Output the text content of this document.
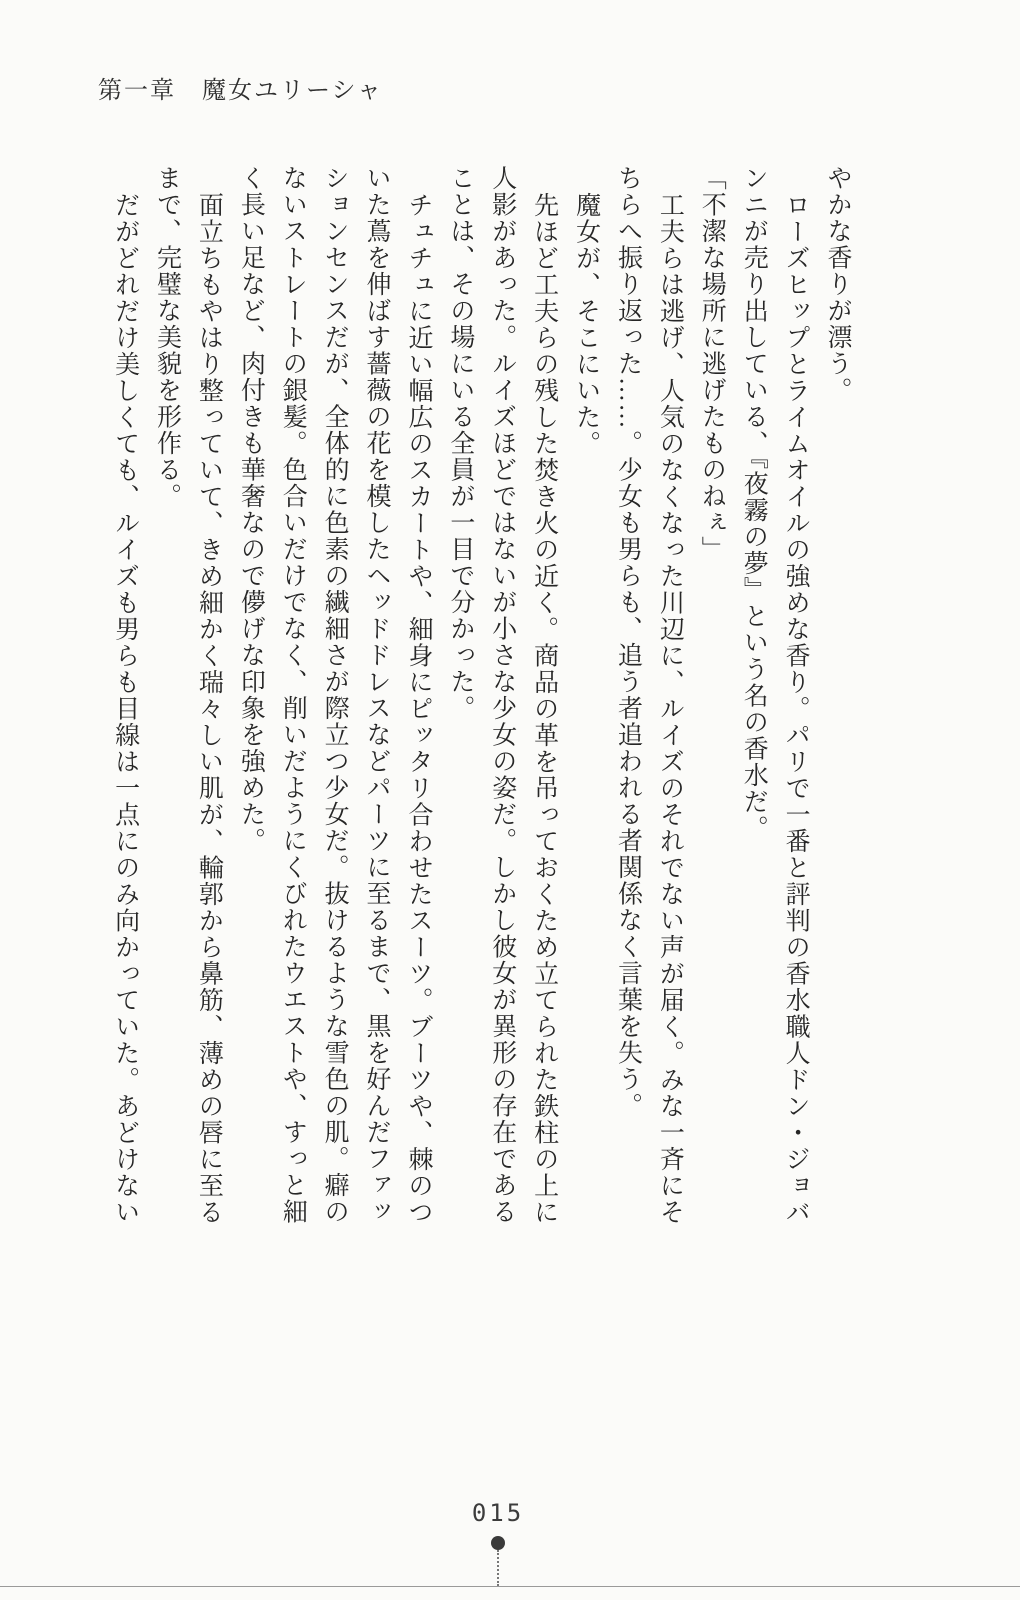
第一章　魔女ユリーシャ
やかな香りが漂う。
ローズヒップとライムオイルの強めな香り。パリで一番と評判の香水職人ドン・ジョバ
ンニが売り出している、『夜霧の夢』という名の香水だ。
「不潔な場所に逃げたものねぇ」
工夫らは逃げ、人気のなくなった川辺に、ルイズのそれでない声が届く。みな一斉にそ
ちらへ振り返った……。少女も男らも、追う者追われる者関係なく言葉を失う。
魔女が、そこにいた。
先ほど工夫らの残した焚き火の近く。商品の革を吊っておくため立てられた鉄柱の上に
人影があった。ルイズほどではないが小さな少女の姿だ。しかし彼女が異形の存在である
ことは、その場にいる全員が一目で分かった。
チュチュに近い幅広のスカートや、細身にピッタリ合わせたスーツ。ブーツや、棘のつ
いた蔦を伸ばす薔薇の花を模したヘッドドレスなどパーツに至るまで、黒を好んだファッ
ションセンスだが、全体的に色素の繊細さが際立つ少女だ。抜けるような雪色の肌。癖の
ないストレートの銀髪。色合いだけでなく、削いだようにくびれたウエストや、すっと細
く長い足など、肉付きも華奢なので儚げな印象を強めた。
面立ちもやはり整っていて、きめ細かく瑞々しい肌が、輪郭から鼻筋、薄めの唇に至る
まで、完璧な美貌を形作る。
だがどれだけ美しくても、ルイズも男らも目線は一点にのみ向かっていた。あどけない
015
